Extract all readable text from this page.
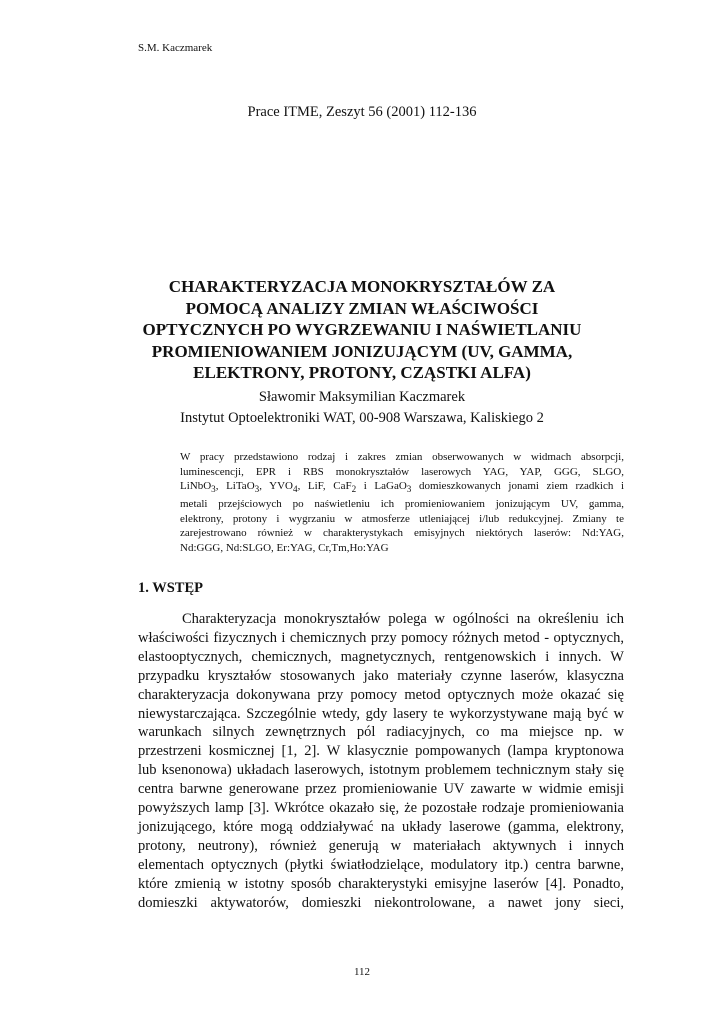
S.M. Kaczmarek
Prace ITME, Zeszyt 56 (2001) 112-136
CHARAKTERYZACJA MONOKRYSZTAŁÓW ZA
POMOCĄ ANALIZY ZMIAN WŁAŚCIWOŚCI
OPTYCZNYCH PO WYGRZEWANIU I NAŚWIETLANIU
PROMIENIOWANIEM JONIZUJĄCYM (UV, GAMMA,
ELEKTRONY, PROTONY, CZĄSTKI ALFA)
Sławomir Maksymilian Kaczmarek
Instytut Optoelektroniki WAT, 00-908 Warszawa, Kaliskiego 2
W pracy przedstawiono rodzaj i zakres zmian obserwowanych w widmach absorpcji,
luminescencji, EPR i RBS monokryształów laserowych YAG, YAP, GGG, SLGO,
LiNbO$_3$, LiTaO$_3$, $YVO_4$, LiF, CaF$_2$ i LaGaO$_3$ domieszkowanych jonami ziem rzadkich i
metali przejściowych po naświetleniu ich promieniowaniem jonizującym UV, gamma,
elektrony, protony i wygrzaniu w atmosferze utleniającej i/lub redukcyjnej. Zmiany te
zarejestrowano również w charakterystykach emisyjnych niektórych laserów: Nd:YAG,
Nd:GGG, Nd:SLGO, Er:YAG, Cr,Tm,Ho:YAG
1. WSTĘP
Charakteryzacja monokryształów polega w ogólności na określeniu ich
właściwości fizycznych i chemicznych przy pomocy różnych metod - optycznych,
elastooptycznych, chemicznych, magnetycznych, rentgenowskich i innych. W
przypadku kryształów stosowanych jako materiały czynne laserów, klasyczna
charakteryzacja dokonywana przy pomocy metod optycznych może okazać się
niewystarczająca. Szczególnie wtedy, gdy lasery te wykorzystywane mają być w
warunkach silnych zewnętrznych pól radiacyjnych, co ma miejsce np. w
przestrzeni kosmicznej [1, 2]. W klasycznie pompowanych (lampa kryptonowa
lub ksenonowa) układach laserowych, istotnym problemem technicznym stały się
centra barwne generowane przez promieniowanie UV zawarte w widmie emisji
powyższych lamp [3]. Wkrótce okazało się, że pozostałe rodzaje promieniowania
jonizującego, które mogą oddziaływać na układy laserowe (gamma, elektrony,
protony, neutrony), również generują w materiałach aktywnych i innych
elementach optycznych (płytki światłodzielące, modulatory itp.) centra barwne,
które zmienią w istotny sposób charakterystyki emisyjne laserów [4]. Ponadto,
domieszki aktywatorów, domieszki niekontrolowane, a nawet jony sieci,
112
